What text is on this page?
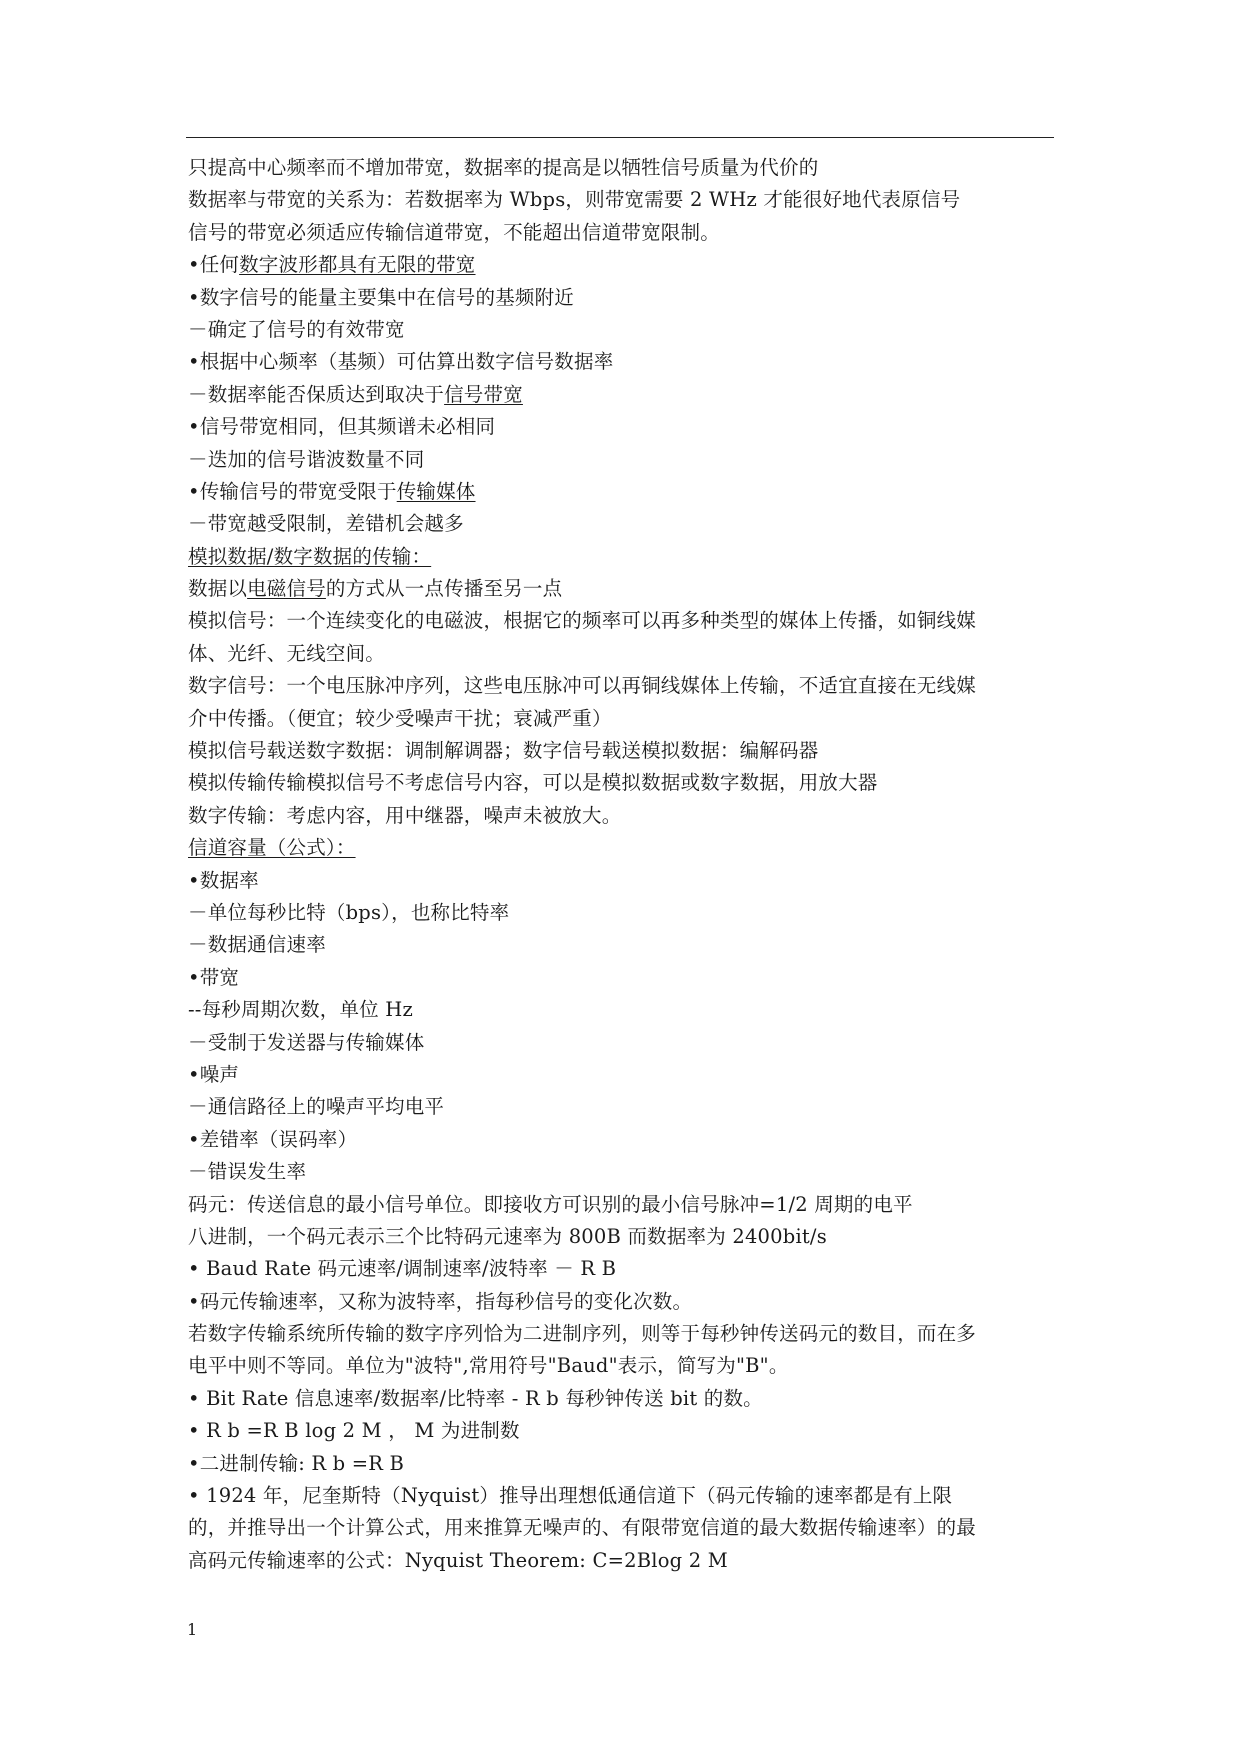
只提高中心频率而不增加带宽，数据率的提高是以牺牲信号质量为代价的
数据率与带宽的关系为：若数据率为 Wbps，则带宽需要 2 WHz 才能很好地代表原信号
信号的带宽必须适应传输信道带宽，不能超出信道带宽限制。
•任何数字波形都具有无限的带宽
•数字信号的能量主要集中在信号的基频附近
－确定了信号的有效带宽
•根据中心频率（基频）可估算出数字信号数据率
－数据率能否保质达到取决于信号带宽
•信号带宽相同，但其频谱未必相同
－迭加的信号谐波数量不同
•传输信号的带宽受限于传输媒体
－带宽越受限制，差错机会越多
模拟数据/数字数据的传输：
数据以电磁信号的方式从一点传播至另一点
模拟信号：一个连续变化的电磁波，根据它的频率可以再多种类型的媒体上传播，如铜线媒
体、光纤、无线空间。
数字信号：一个电压脉冲序列，这些电压脉冲可以再铜线媒体上传输，不适宜直接在无线媒
介中传播。（便宜；较少受噪声干扰；衰减严重）
模拟信号载送数字数据：调制解调器；数字信号载送模拟数据：编解码器
模拟传输传输模拟信号不考虑信号内容，可以是模拟数据或数字数据，用放大器
数字传输：考虑内容，用中继器，噪声未被放大。
信道容量（公式）：
•数据率
－单位每秒比特（bps），也称比特率
－数据通信速率
•带宽
--每秒周期次数，单位 Hz
－受制于发送器与传输媒体
•噪声
－通信路径上的噪声平均电平
•差错率（误码率）
－错误发生率
码元：传送信息的最小信号单位。即接收方可识别的最小信号脉冲=1/2 周期的电平
八进制，一个码元表示三个比特码元速率为 800B 而数据率为 2400bit/s
• Baud Rate 码元速率/调制速率/波特率 － R B
•码元传输速率，又称为波特率，指每秒信号的变化次数。
若数字传输系统所传输的数字序列恰为二进制序列，则等于每秒钟传送码元的数目，而在多
电平中则不等同。单位为"波特",常用符号"Baud"表示，简写为"B"。
• Bit Rate 信息速率/数据率/比特率 - R b 每秒钟传送 bit 的数。
• R b =R B log 2 M ， M 为进制数
•二进制传输: R b =R B
• 1924 年，尼奎斯特（Nyquist）推导出理想低通信道下（码元传输的速率都是有上限
的，并推导出一个计算公式，用来推算无噪声的、有限带宽信道的最大数据传输速率）的最
高码元传输速率的公式：Nyquist Theorem: C=2Blog 2 M
1
